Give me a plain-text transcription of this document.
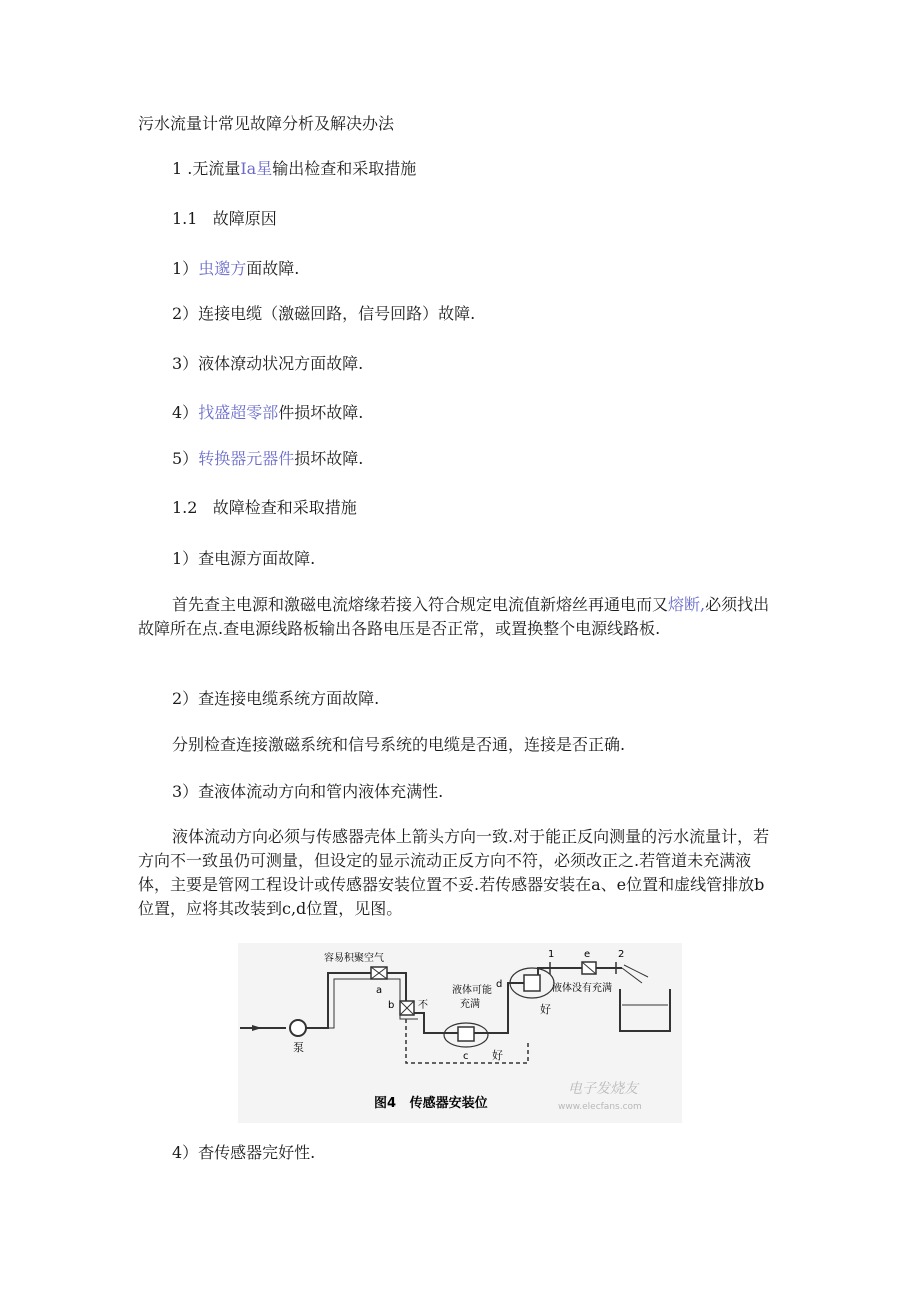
污水流量计常见故障分析及解决办法
1 .无流量Ia星输出检查和采取措施
1.1   故障原因
1）虫邈方面故障.
2）连接电缆（激磁回路，信号回路）故障.
3）液体潦动状况方面故障.
4）找盛超零部件损坏故障.
5）转换器元器件损坏故障.
1.2   故障检查和采取措施
1）查电源方面故障.
首先查主电源和激磁电流熔缘若接入符合规定电流值新熔丝再通电而又熔断,必须找出故障所在点.查电源线路板输出各路电压是否正常，或置换整个电源线路板.
2）查连接电缆系统方面故障.
分别检查连接激磁系统和信号系统的电缆是否通，连接是否正确.
3）查液体流动方向和管内液体充满性.
液体流动方向必须与传感器壳体上箭头方向一致.对于能正反向测量的污水流量计，若方向不一致虽仍可测量，但设定的显示流动正反方向不符，必须改正之.若管道未充满液体，主要是管网工程设计或传感器安装位置不妥.若传感器安装在a、e位置和虚线管排放b位置，应将其改装到c,d位置，见图。
泵
容易积聚空气
a
b 不
液体可能
充满
c 好
d	液体没有充满
好
1	e	2
图4   传感器安装位
电子发烧友
www.elecfans.com
4）杳传感器完好性.
